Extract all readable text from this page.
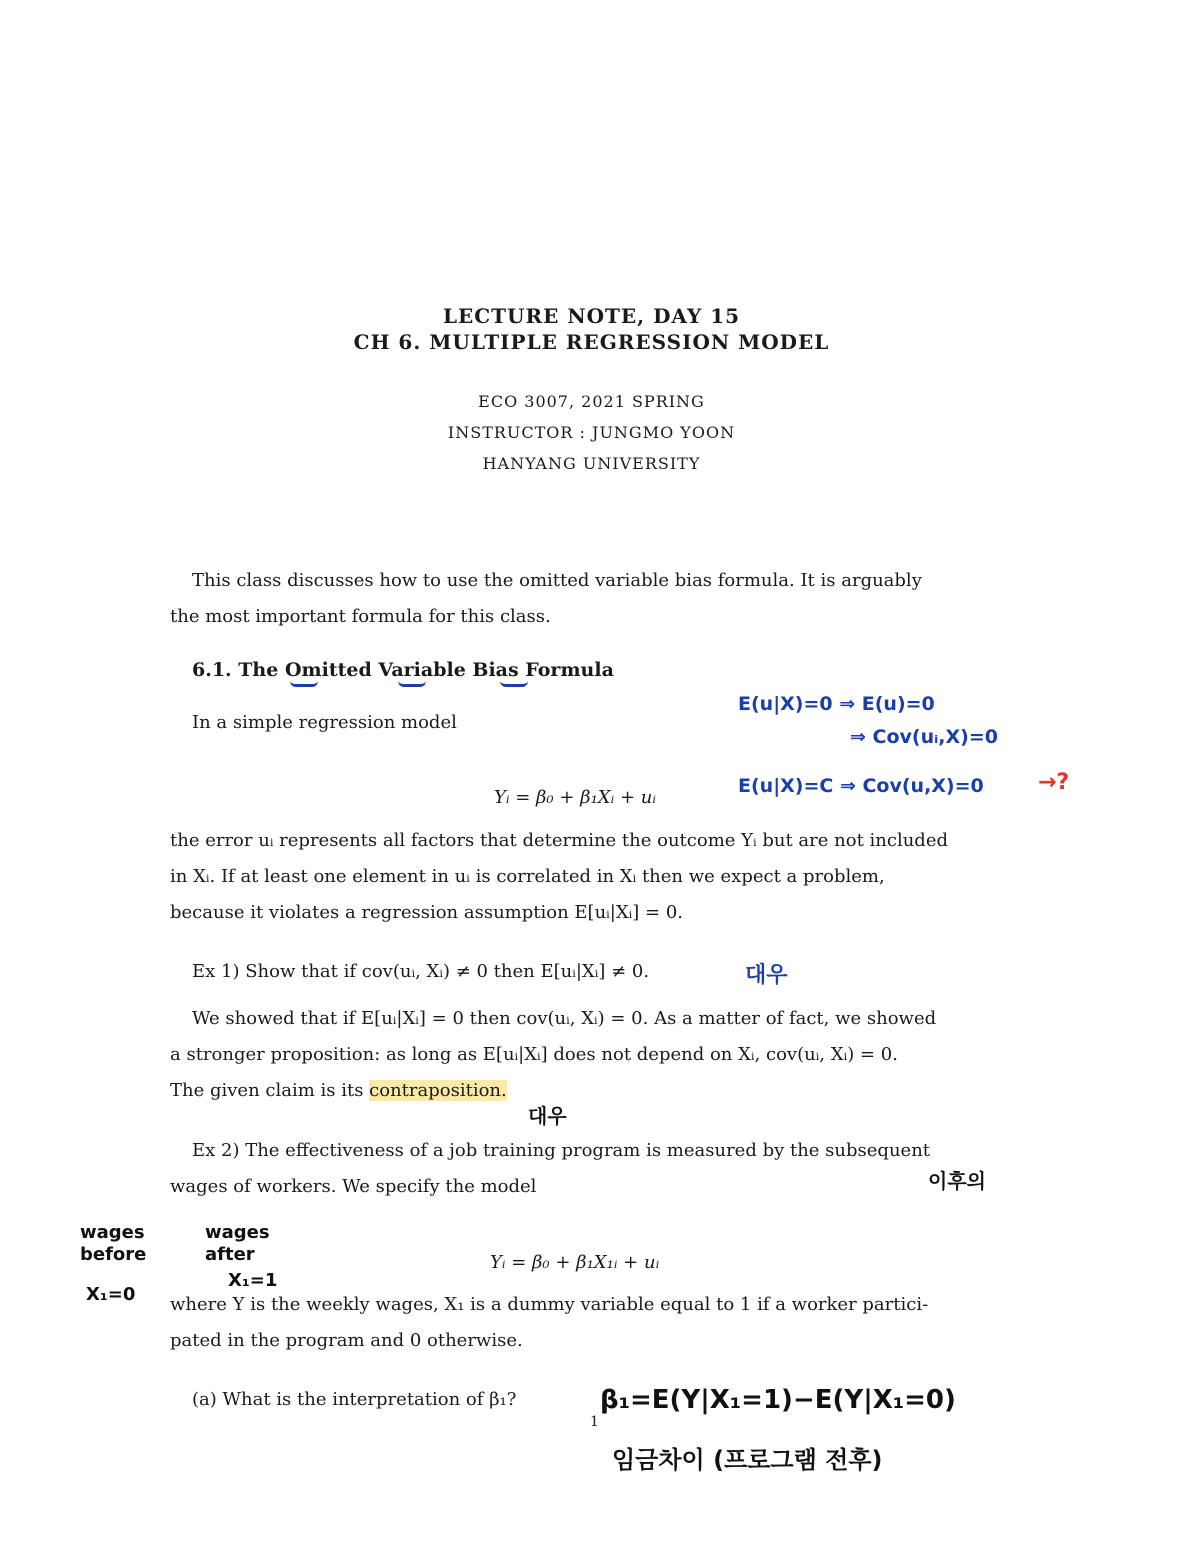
LECTURE NOTE, DAY 15
CH 6. MULTIPLE REGRESSION MODEL
ECO 3007, 2021 SPRING
INSTRUCTOR : JUNGMO YOON
HANYANG UNIVERSITY
This class discusses how to use the omitted variable bias formula. It is arguably
the most important formula for this class.
6.1. The Omitted Variable Bias Formula
In a simple regression model
Yᵢ = β₀ + β₁Xᵢ + uᵢ
E(u|X)=0 ⇒ E(u)=0
⇒ Cov(uᵢ,X)=0
E(u|X)=C ⇒ Cov(u,X)=0 →?
the error uᵢ represents all factors that determine the outcome Yᵢ but are not included
in Xᵢ. If at least one element in uᵢ is correlated in Xᵢ then we expect a problem,
because it violates a regression assumption E[uᵢ|Xᵢ] = 0.
Ex 1) Show that if cov(uᵢ, Xᵢ) ≠ 0 then E[uᵢ|Xᵢ] ≠ 0.	대우
We showed that if E[uᵢ|Xᵢ] = 0 then cov(uᵢ, Xᵢ) = 0. As a matter of fact, we showed
a stronger proposition: as long as E[uᵢ|Xᵢ] does not depend on Xᵢ, cov(uᵢ, Xᵢ) = 0.
The given claim is its contraposition.
대우
Ex 2) The effectiveness of a job training program is measured by the subsequent
wages of workers. We specify the model	이후의
wages before
X₁=0
wages after
X₁=1
Yᵢ = β₀ + β₁X₁ᵢ + uᵢ
where Y is the weekly wages, X₁ is a dummy variable equal to 1 if a worker partici-
pated in the program and 0 otherwise.
(a) What is the interpretation of β₁?
1
β₁=E(Y|X₁=1)−E(Y|X₁=0)
임금차이 (프로그램 전후)
